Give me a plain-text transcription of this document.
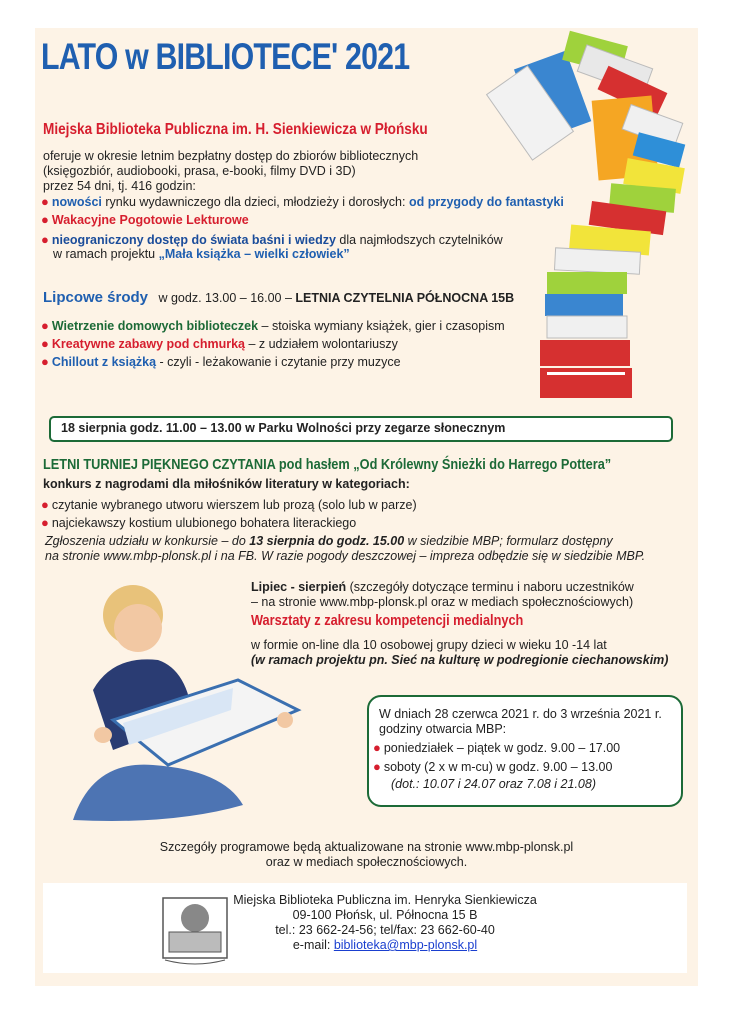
LATO w BIBLIOTECE' 2021
Miejska Biblioteka Publiczna im. H. Sienkiewicza w Płońsku
oferuje w okresie letnim bezpłatny dostęp do zbiorów bibliotecznych
(księgozbiór, audiobooki, prasa, e-booki, filmy DVD i 3D)
przez 54 dni, tj. 416 godzin:
● nowości rynku wydawniczego dla dzieci, młodzieży i dorosłych: od przygody do fantastyki
● Wakacyjne Pogotowie Lekturowe
● nieograniczony dostęp do świata baśni i wiedzy dla najmłodszych czytelników
w ramach projektu „Mała książka – wielki człowiek”
Lipcowe środy w godz. 13.00 – 16.00 – LETNIA CZYTELNIA PÓŁNOCNA 15B
● Wietrzenie domowych biblioteczek – stoiska wymiany książek, gier i czasopism
● Kreatywne zabawy pod chmurką – z udziałem wolontariuszy
● Chillout z książką - czyli - leżakowanie i czytanie przy muzyce
18 sierpnia godz. 11.00 – 13.00 w Parku Wolności przy zegarze słonecznym
LETNI TURNIEJ PIĘKNEGO CZYTANIA pod hasłem „Od Królewny Śnieżki do Harrego Pottera”
konkurs z nagrodami dla miłośników literatury w kategoriach:
● czytanie wybranego utworu wierszem lub prozą (solo lub w parze)
● najciekawszy kostium ulubionego bohatera literackiego
Zgłoszenia udziału w konkursie – do 13 sierpnia do godz. 15.00 w siedzibie MBP; formularz dostępny
na stronie www.mbp-plonsk.pl i na FB. W razie pogody deszczowej – impreza odbędzie się w siedzibie MBP.
Lipiec - sierpień (szczegóły dotyczące terminu i naboru uczestników
– na stronie www.mbp-plonsk.pl oraz w mediach społecznościowych)
Warsztaty z zakresu kompetencji medialnych
w formie on-line dla 10 osobowej grupy dzieci w wieku 10 -14 lat
(w ramach projektu pn. Sieć na kulturę w podregionie ciechanowskim)
W dniach 28 czerwca 2021 r. do 3 września 2021 r.
godziny otwarcia MBP:
● poniedziałek – piątek w godz. 9.00 – 17.00
● soboty (2 x w m-cu) w godz. 9.00 – 13.00
(dot.: 10.07 i 24.07 oraz 7.08 i 21.08)
Szczegóły programowe będą aktualizowane na stronie www.mbp-plonsk.pl
oraz w mediach społecznościowych.
Miejska Biblioteka Publiczna im. Henryka Sienkiewicza
09-100 Płońsk, ul. Północna 15 B
tel.: 23 662-24-56; tel/fax: 23 662-60-40
e-mail: biblioteka@mbp-plonsk.pl
